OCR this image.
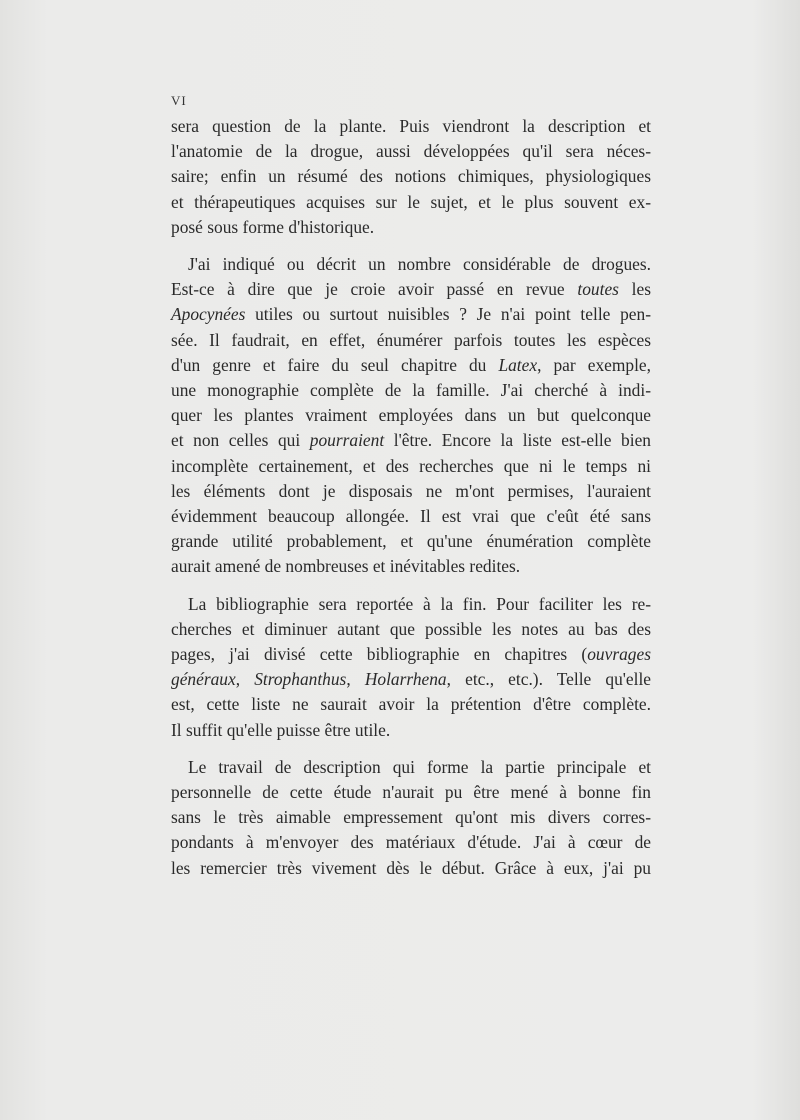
VI
sera question de la plante. Puis viendront la description et
l'anatomie de la drogue, aussi développées qu'il sera néces-
saire; enfin un résumé des notions chimiques, physiologiques
et thérapeutiques acquises sur le sujet, et le plus souvent ex-
posé sous forme d'historique.
J'ai indiqué ou décrit un nombre considérable de drogues.
Est-ce à dire que je croie avoir passé en revue toutes les
Apocynées utiles ou surtout nuisibles ? Je n'ai point telle pen-
sée. Il faudrait, en effet, énumérer parfois toutes les espèces
d'un genre et faire du seul chapitre du Latex, par exemple,
une monographie complète de la famille. J'ai cherché à indi-
quer les plantes vraiment employées dans un but quelconque
et non celles qui pourraient l'être. Encore la liste est-elle bien
incomplète certainement, et des recherches que ni le temps ni
les éléments dont je disposais ne m'ont permises, l'auraient
évidemment beaucoup allongée. Il est vrai que c'eût été sans
grande utilité probablement, et qu'une énumération complète
aurait amené de nombreuses et inévitables redites.
La bibliographie sera reportée à la fin. Pour faciliter les re-
cherches et diminuer autant que possible les notes au bas des
pages, j'ai divisé cette bibliographie en chapitres (ouvrages
généraux, Strophanthus, Holarrhena, etc., etc.). Telle qu'elle
est, cette liste ne saurait avoir la prétention d'être complète.
Il suffit qu'elle puisse être utile.
Le travail de description qui forme la partie principale et
personnelle de cette étude n'aurait pu être mené à bonne fin
sans le très aimable empressement qu'ont mis divers corres-
pondants à m'envoyer des matériaux d'étude. J'ai à cœur de
les remercier très vivement dès le début. Grâce à eux, j'ai pu
